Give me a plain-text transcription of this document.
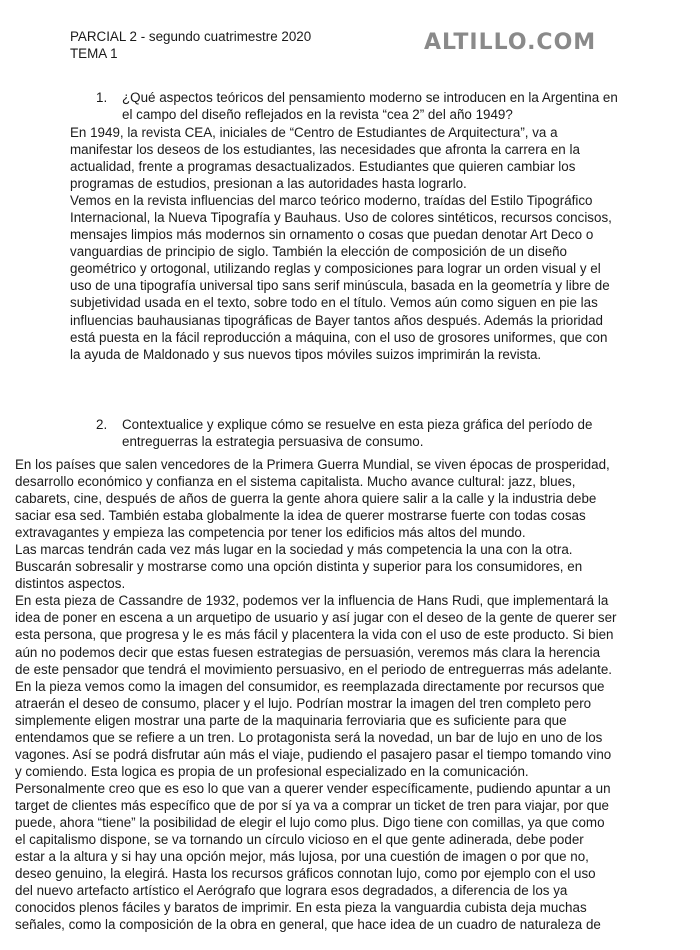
PARCIAL 2 - segundo cuatrimestre 2020
TEMA 1	ALTILLO.COM
1. ¿Qué aspectos teóricos del pensamiento moderno se introducen en la Argentina en
el campo del diseño reflejados en la revista “cea 2” del año 1949?
En 1949, la revista CEA, iniciales de “Centro de Estudiantes de Arquitectura”, va a
manifestar los deseos de los estudiantes, las necesidades que afronta la carrera en la
actualidad, frente a programas desactualizados. Estudiantes que quieren cambiar los
programas de estudios, presionan a las autoridades hasta lograrlo.
Vemos en la revista influencias del marco teórico moderno, traídas del Estilo Tipográfico
Internacional, la Nueva Tipografía y Bauhaus. Uso de colores sintéticos, recursos concisos,
mensajes limpios más modernos sin ornamento o cosas que puedan denotar Art Deco o
vanguardias de principio de siglo. También la elección de composición de un diseño
geométrico y ortogonal, utilizando reglas y composiciones para lograr un orden visual y el
uso de una tipografía universal tipo sans serif minúscula, basada en la geometría y libre de
subjetividad usada en el texto, sobre todo en el título. Vemos aún como siguen en pie las
influencias bauhausianas tipográficas de Bayer tantos años después. Además la prioridad
está puesta en la fácil reproducción a máquina, con el uso de grosores uniformes, que con
la ayuda de Maldonado y sus nuevos tipos móviles suizos imprimirán la revista.
2. Contextualice y explique cómo se resuelve en esta pieza gráfica del período de
entreguerras la estrategia persuasiva de consumo.
En los países que salen vencedores de la Primera Guerra Mundial, se viven épocas de prosperidad,
desarrollo económico y confianza en el sistema capitalista. Mucho avance cultural: jazz, blues,
cabarets, cine, después de años de guerra la gente ahora quiere salir a la calle y la industria debe
saciar esa sed. También estaba globalmente la idea de querer mostrarse fuerte con todas cosas
extravagantes y empieza las competencia por tener los edificios más altos del mundo.
Las marcas tendrán cada vez más lugar en la sociedad y más competencia la una con la otra.
Buscarán sobresalir y mostrarse como una opción distinta y superior para los consumidores, en
distintos aspectos.
En esta pieza de Cassandre de 1932, podemos ver la influencia de Hans Rudi, que implementará la
idea de poner en escena a un arquetipo de usuario y así jugar con el deseo de la gente de querer ser
esta persona, que progresa y le es más fácil y placentera la vida con el uso de este producto. Si bien
aún no podemos decir que estas fuesen estrategias de persuasión, veremos más clara la herencia
de este pensador que tendrá el movimiento persuasivo, en el periodo de entreguerras más adelante.
En la pieza vemos como la imagen del consumidor, es reemplazada directamente por recursos que
atraerán el deseo de consumo, placer y el lujo. Podrían mostrar la imagen del tren completo pero
simplemente eligen mostrar una parte de la maquinaria ferroviaria que es suficiente para que
entendamos que se refiere a un tren. Lo protagonista será la novedad, un bar de lujo en uno de los
vagones. Así se podrá disfrutar aún más el viaje, pudiendo el pasajero pasar el tiempo tomando vino
y comiendo. Esta logica es propia de un profesional especializado en la comunicación.
Personalmente creo que es eso lo que van a querer vender específicamente, pudiendo apuntar a un
target de clientes más específico que de por sí ya va a comprar un ticket de tren para viajar, por que
puede, ahora “tiene” la posibilidad de elegir el lujo como plus. Digo tiene con comillas, ya que como
el capitalismo dispone, se va tornando un círculo vicioso en el que gente adinerada, debe poder
estar a la altura y si hay una opción mejor, más lujosa, por una cuestión de imagen o por que no,
deseo genuino, la elegirá. Hasta los recursos gráficos connotan lujo, como por ejemplo con el uso
del nuevo artefacto artístico el Aerógrafo que lograra esos degradados, a diferencia de los ya
conocidos plenos fáciles y baratos de imprimir. En esta pieza la vanguardia cubista deja muchas
señales, como la composición de la obra en general, que hace idea de un cuadro de naturaleza de
